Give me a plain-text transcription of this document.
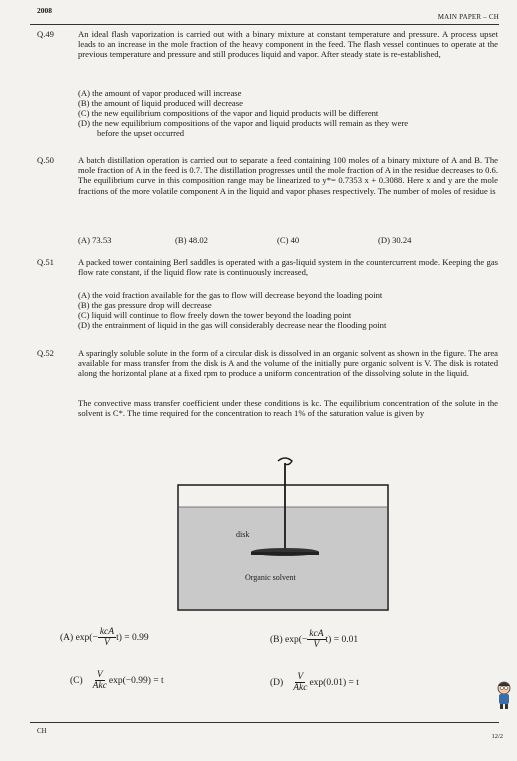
2008
MAIN PAPER – CH
Q.49	An ideal flash vaporization is carried out with a binary mixture at constant temperature and pressure. A process upset leads to an increase in the mole fraction of the heavy component in the feed. The flash vessel continues to operate at the previous temperature and pressure and still produces liquid and vapor. After steady state is re-established,
(A) the amount of vapor produced will increase
(B) the amount of liquid produced will decrease
(C) the new equilibrium compositions of the vapor and liquid products will be different
(D) the new equilibrium compositions of the vapor and liquid products will remain as they were
before the upset occurred
Q.50	A batch distillation operation is carried out to separate a feed containing 100 moles of a binary mixture of A and B. The mole fraction of A in the feed is 0.7. The distillation progresses until the mole fraction of A in the residue decreases to 0.6. The equilibrium curve in this composition range may be linearized to y*= 0.7353 x + 0.3088. Here x and y are the mole fractions of the more volatile component A in the liquid and vapor phases respectively. The number of moles of residue is
(A) 73.53	(B) 48.02	(C) 40	(D) 30.24
Q.51	A packed tower containing Berl saddles is operated with a gas-liquid system in the countercurrent mode. Keeping the gas flow rate constant, if the liquid flow rate is continuously increased,
(A) the void fraction available for the gas to flow will decrease beyond the loading point
(B) the gas pressure drop will decrease
(C) liquid will continue to flow freely down the tower beyond the loading point
(D) the entrainment of liquid in the gas will considerably decrease near the flooding point
Q.52	A sparingly soluble solute in the form of a circular disk is dissolved in an organic solvent as shown in the figure. The area available for mass transfer from the disk is A and the volume of the initially pure organic solvent is V. The disk is rotated along the horizontal plane at a fixed rpm to produce a uniform concentration of the dissolving solute in the liquid.
The convective mass transfer coefficient under these conditions is kc. The equilibrium concentration of the solute in the solvent is C*. The time required for the concentration to reach 1% of the saturation value is given by
disk
Organic solvent
(A) $\exp(- \frac{\text{kcA}}{V} t) = 0.99$	(B) $\exp(- \frac{\text{kcA}}{V} t) = 0.01$
$(C) \frac{V}{\text{Akc}} \exp(-0.99) = t$	$(D) \frac{V}{\text{Akc}} \exp(0.01) = t$
CH
12/2
